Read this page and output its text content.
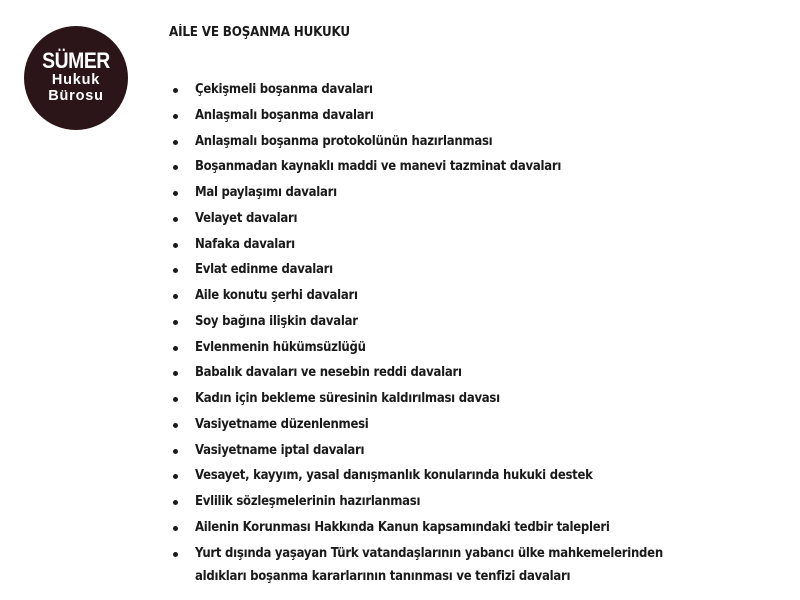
SÜMER
Hukuk
Bürosu
AİLE VE BOŞANMA HUKUKU
Çekişmeli boşanma davaları
Anlaşmalı boşanma davaları
Anlaşmalı boşanma protokolünün hazırlanması
Boşanmadan kaynaklı maddi ve manevi tazminat davaları
Mal paylaşımı davaları
Velayet davaları
Nafaka davaları
Evlat edinme davaları
Aile konutu şerhi davaları
Soy bağına ilişkin davalar
Evlenmenin hükümsüzlüğü
Babalık davaları ve nesebin reddi davaları
Kadın için bekleme süresinin kaldırılması davası
Vasiyetname düzenlenmesi
Vasiyetname iptal davaları
Vesayet, kayyım, yasal danışmanlık konularında hukuki destek
Evlilik sözleşmelerinin hazırlanması
Ailenin Korunması Hakkında Kanun kapsamındaki tedbir talepleri
Yurt dışında yaşayan Türk vatandaşlarının yabancı ülke mahkemelerinden aldıkları boşanma kararlarının tanınması ve tenfizi davaları
